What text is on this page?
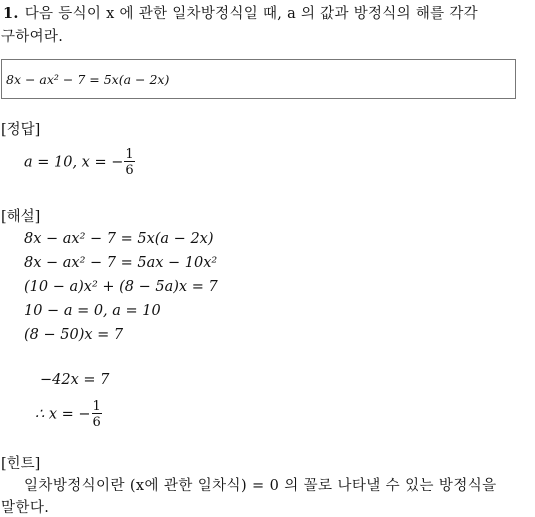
1. 다음 등식이 x 에 관한 일차방정식일 때, a 의 값과 방정식의 해를 각각
구하여라.
8x − ax² − 7 = 5x(a − 2x)
[정답]
a = 10, x = − $\frac{1}{6}$
[해설]
8x − ax² − 7 = 5x(a − 2x)
8x − ax² − 7 = 5ax − 10x²
(10 − a)x² + (8 − 5a)x = 7
10 − a = 0, a = 10
(8 − 50)x = 7
−42x = 7
∴ x = − $\frac{1}{6}$
[힌트]
일차방정식이란 (x에 관한 일차식) = 0 의 꼴로 나타낼 수 있는 방정식을
말한다.
